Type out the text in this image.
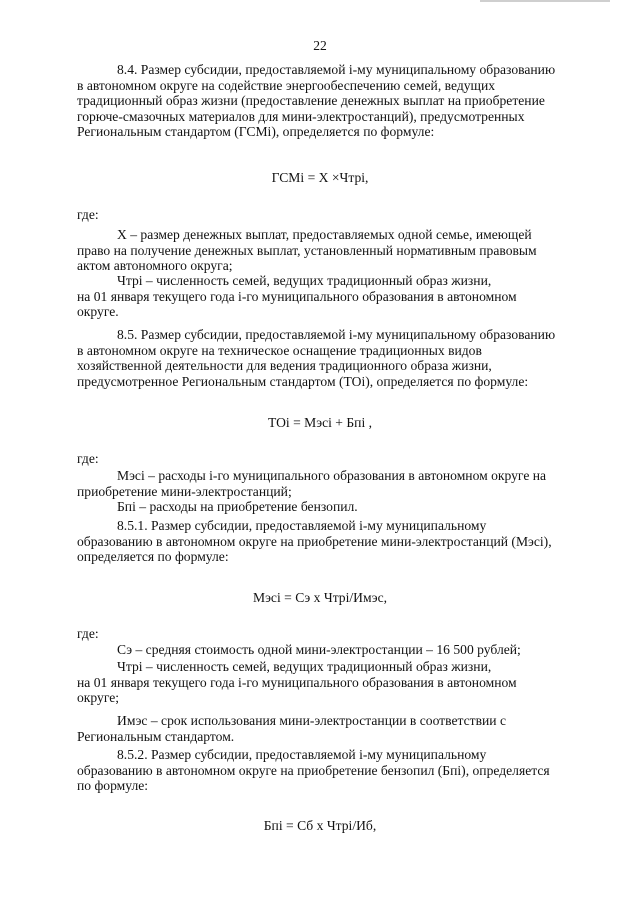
22
8.4. Размер субсидии, предоставляемой i-му муниципальному образованию
в автономном округе на содействие энергообеспечению семей, ведущих
традиционный образ жизни (предоставление денежных выплат на приобретение
горюче-смазочных материалов для мини-электростанций), предусмотренных
Региональным стандартом (ГСМi), определяется по формуле:
ГСМi = X ×Чтрi,
где:
X – размер денежных выплат, предоставляемых одной семье, имеющей
право на получение денежных выплат, установленный нормативным правовым
актом автономного округа;
Чтрi – численность семей, ведущих традиционный образ жизни,
на 01 января текущего года i-го муниципального образования в автономном
округе.
8.5. Размер субсидии, предоставляемой i-му муниципальному образованию
в автономном округе на техническое оснащение традиционных видов
хозяйственной деятельности для ведения традиционного образа жизни,
предусмотренное Региональным стандартом (ТОi), определяется по формуле:
ТОi = Мэсi + Бпi ,
где:
Мэсi – расходы i-го муниципального образования в автономном округе на
приобретение мини-электростанций;
Бпi – расходы на приобретение бензопил.
8.5.1. Размер субсидии, предоставляемой i-му муниципальному
образованию в автономном округе на приобретение мини-электростанций (Мэсi),
определяется по формуле:
Мэсi = Сэ x Чтрi/Имэс,
где:
Сэ – средняя стоимость одной мини-электростанции – 16 500 рублей;
Чтрi – численность семей, ведущих традиционный образ жизни,
на 01 января текущего года i-го муниципального образования в автономном
округе;
Имэс – срок использования мини-электростанции в соответствии с
Региональным стандартом.
8.5.2. Размер субсидии, предоставляемой i-му муниципальному
образованию в автономном округе на приобретение бензопил (Бпi), определяется
по формуле:
Бпi = Сб x Чтрi/Иб,
